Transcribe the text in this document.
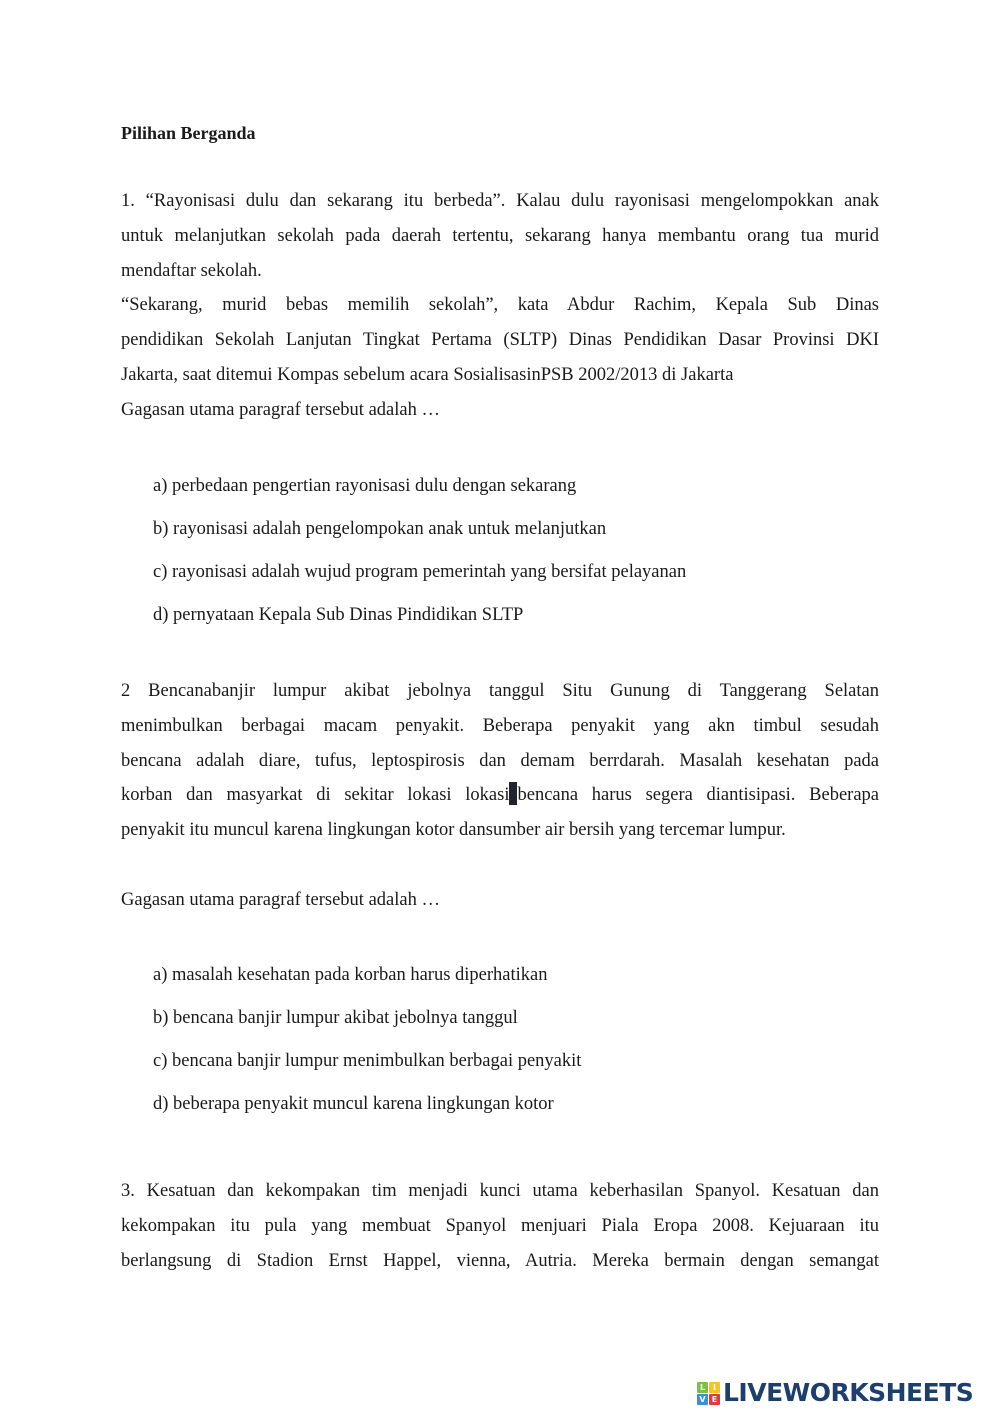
Pilihan Berganda
1. “Rayonisasi dulu dan sekarang itu berbeda”. Kalau dulu rayonisasi mengelompokkan anak
untuk melanjutkan sekolah pada daerah tertentu, sekarang hanya membantu orang tua murid
mendaftar sekolah.
“Sekarang, murid bebas memilih sekolah”, kata Abdur Rachim, Kepala Sub Dinas
pendidikan Sekolah Lanjutan Tingkat Pertama (SLTP) Dinas Pendidikan Dasar Provinsi DKI
Jakarta, saat ditemui Kompas sebelum acara SosialisasinPSB 2002/2013 di Jakarta
Gagasan utama paragraf tersebut adalah …
a) perbedaan pengertian rayonisasi dulu dengan sekarang
b) rayonisasi adalah pengelompokan anak untuk melanjutkan
c) rayonisasi adalah wujud program pemerintah yang bersifat pelayanan
d) pernyataan Kepala Sub Dinas Pindidikan SLTP
2 Bencanabanjir lumpur akibat jebolnya tanggul Situ Gunung di Tanggerang Selatan
menimbulkan berbagai macam penyakit. Beberapa penyakit yang akn timbul sesudah
bencana adalah diare, tufus, leptospirosis dan demam berrdarah. Masalah kesehatan pada
korban dan masyarkat di sekitar lokasi lokasi bencana harus segera diantisipasi. Beberapa
penyakit itu muncul karena lingkungan kotor dansumber air bersih yang tercemar lumpur.
Gagasan utama paragraf tersebut adalah …
a) masalah kesehatan pada korban harus diperhatikan
b) bencana banjir lumpur akibat jebolnya tanggul
c) bencana banjir lumpur menimbulkan berbagai penyakit
d) beberapa penyakit muncul karena lingkungan kotor
3. Kesatuan dan kekompakan tim menjadi kunci utama keberhasilan Spanyol. Kesatuan dan
kekompakan itu pula yang membuat Spanyol menjuari Piala Eropa 2008. Kejuaraan itu
berlangsung di Stadion Ernst Happel, vienna, Autria. Mereka bermain dengan semangat
L I
V E LIVEWORKSHEETS
